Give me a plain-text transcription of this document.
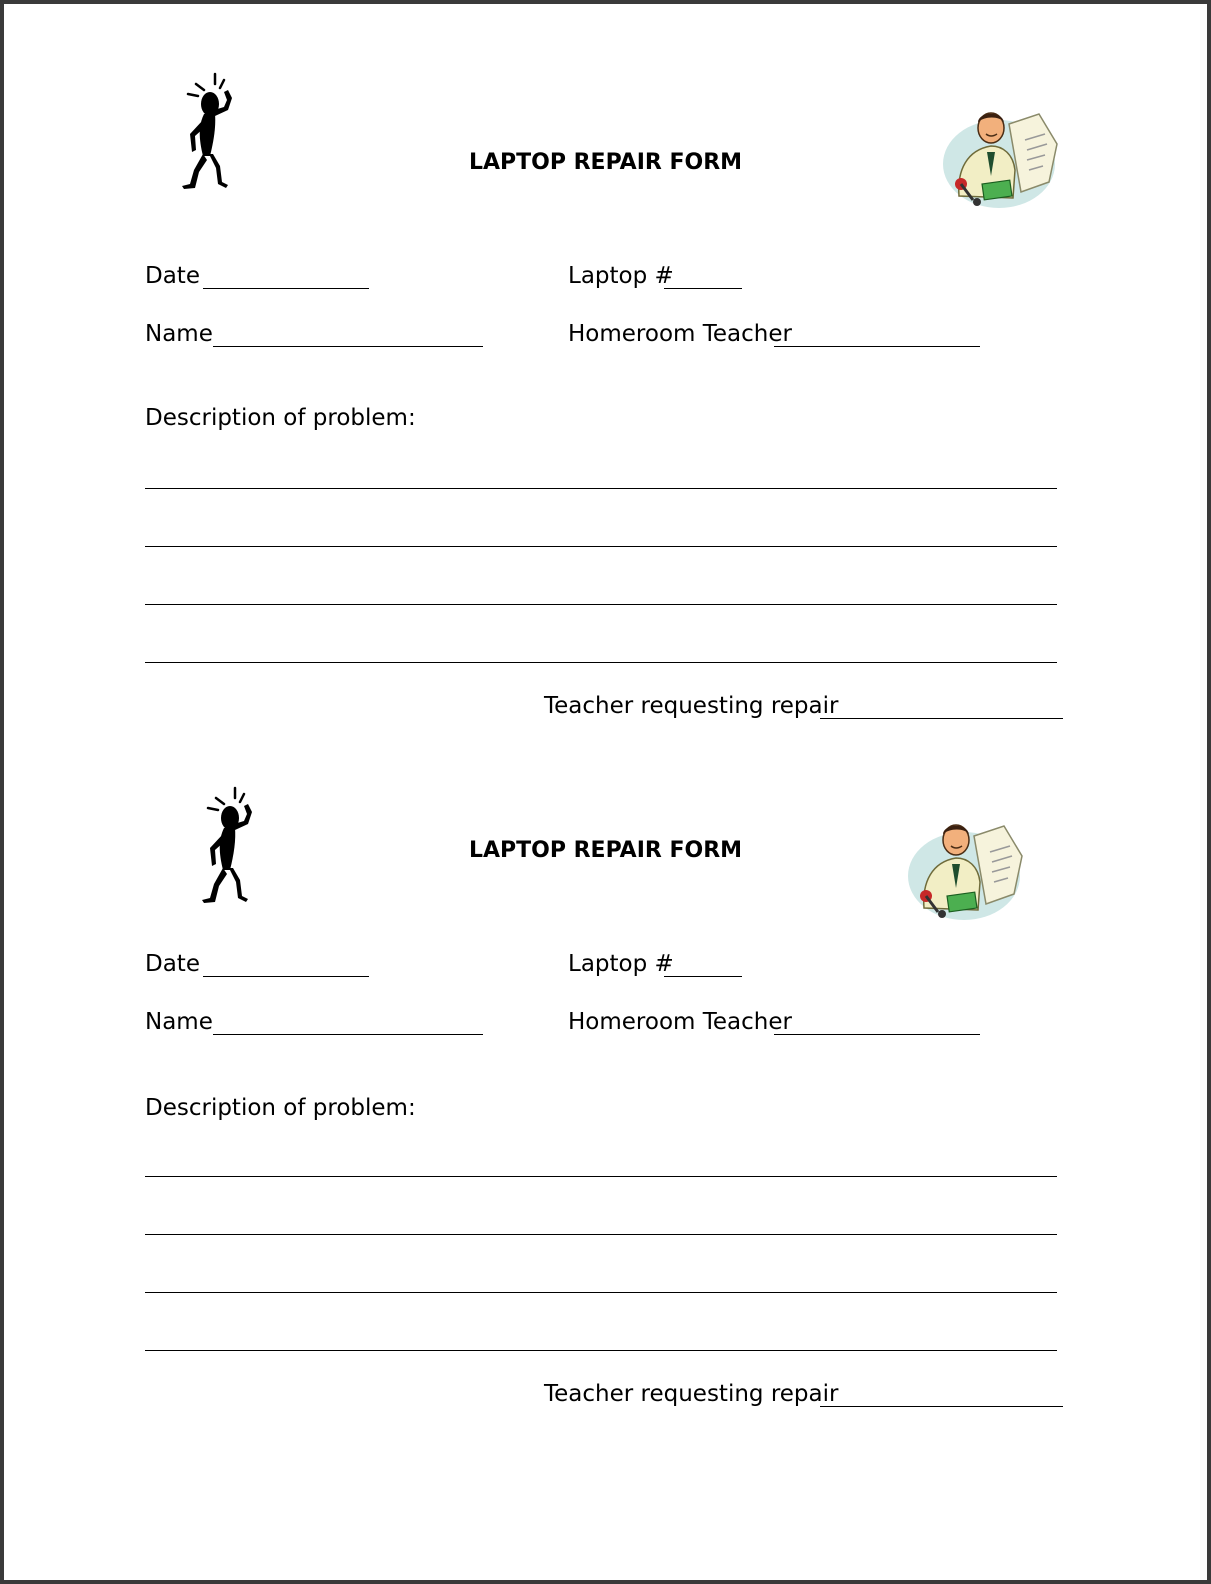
LAPTOP REPAIR FORM
Date	Laptop #
Name	Homeroom Teacher
Description of problem:
Teacher requesting repair
LAPTOP REPAIR FORM
Date	Laptop #
Name	Homeroom Teacher
Description of problem:
Teacher requesting repair
